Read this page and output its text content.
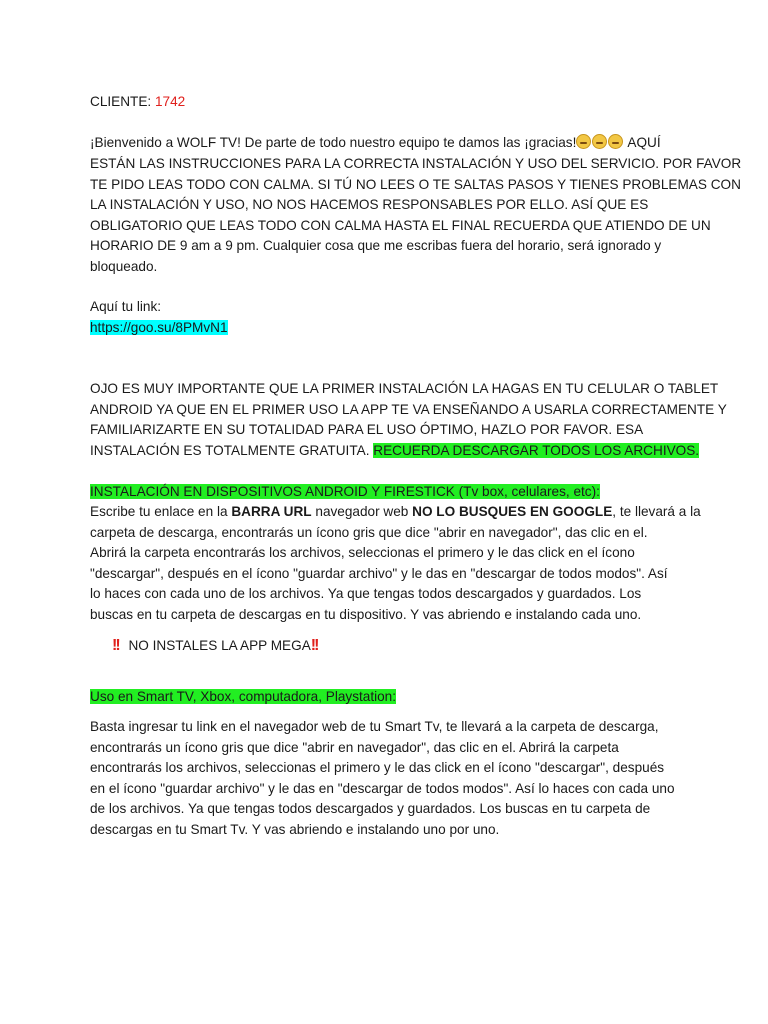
CLIENTE: 1742
¡Bienvenido a WOLF TV! De parte de todo nuestro equipo te damos las ¡gracias!	AQUÍ
ESTÁN LAS INSTRUCCIONES PARA LA CORRECTA INSTALACIÓN Y USO DEL SERVICIO. POR FAVOR
TE PIDO LEAS TODO CON CALMA. SI TÚ NO LEES O TE SALTAS PASOS Y TIENES PROBLEMAS CON
LA INSTALACIÓN Y USO, NO NOS HACEMOS RESPONSABLES POR ELLO. ASÍ QUE ES
OBLIGATORIO QUE LEAS TODO CON CALMA HASTA EL FINAL RECUERDA QUE ATIENDO DE UN
HORARIO DE 9 am a 9 pm. Cualquier cosa que me escribas fuera del horario, será ignorado y
bloqueado.
Aquí tu link:
https://goo.su/8PMvN1
OJO ES MUY IMPORTANTE QUE LA PRIMER INSTALACIÓN LA HAGAS EN TU CELULAR O TABLET
ANDROID YA QUE EN EL PRIMER USO LA APP TE VA ENSEÑANDO A USARLA CORRECTAMENTE Y
FAMILIARIZARTE EN SU TOTALIDAD PARA EL USO ÓPTIMO, HAZLO POR FAVOR. ESA
INSTALACIÓN ES TOTALMENTE GRATUITA. RECUERDA DESCARGAR TODOS LOS ARCHIVOS.
INSTALACIÓN EN DISPOSITIVOS ANDROID Y FIRESTICK (Tv box, celulares, etc):
Escribe tu enlace en la BARRA URL navegador web NO LO BUSQUES EN GOOGLE, te llevará a la
carpeta de descarga, encontrarás un ícono gris que dice "abrir en navegador", das clic en el.
Abrirá la carpeta encontrarás los archivos, seleccionas el primero y le das click en el ícono
"descargar", después en el ícono "guardar archivo" y le das en "descargar de todos modos". Así
lo haces con cada uno de los archivos. Ya que tengas todos descargados y guardados. Los
buscas en tu carpeta de descargas en tu dispositivo. Y vas abriendo e instalando cada uno.
!! NO INSTALES LA APP MEGA!!
Uso en Smart TV, Xbox, computadora, Playstation:
Basta ingresar tu link en el navegador web de tu Smart Tv, te llevará a la carpeta de descarga,
encontrarás un ícono gris que dice "abrir en navegador", das clic en el. Abrirá la carpeta
encontrarás los archivos, seleccionas el primero y le das click en el ícono "descargar", después
en el ícono "guardar archivo" y le das en "descargar de todos modos". Así lo haces con cada uno
de los archivos. Ya que tengas todos descargados y guardados. Los buscas en tu carpeta de
descargas en tu Smart Tv. Y vas abriendo e instalando uno por uno.
